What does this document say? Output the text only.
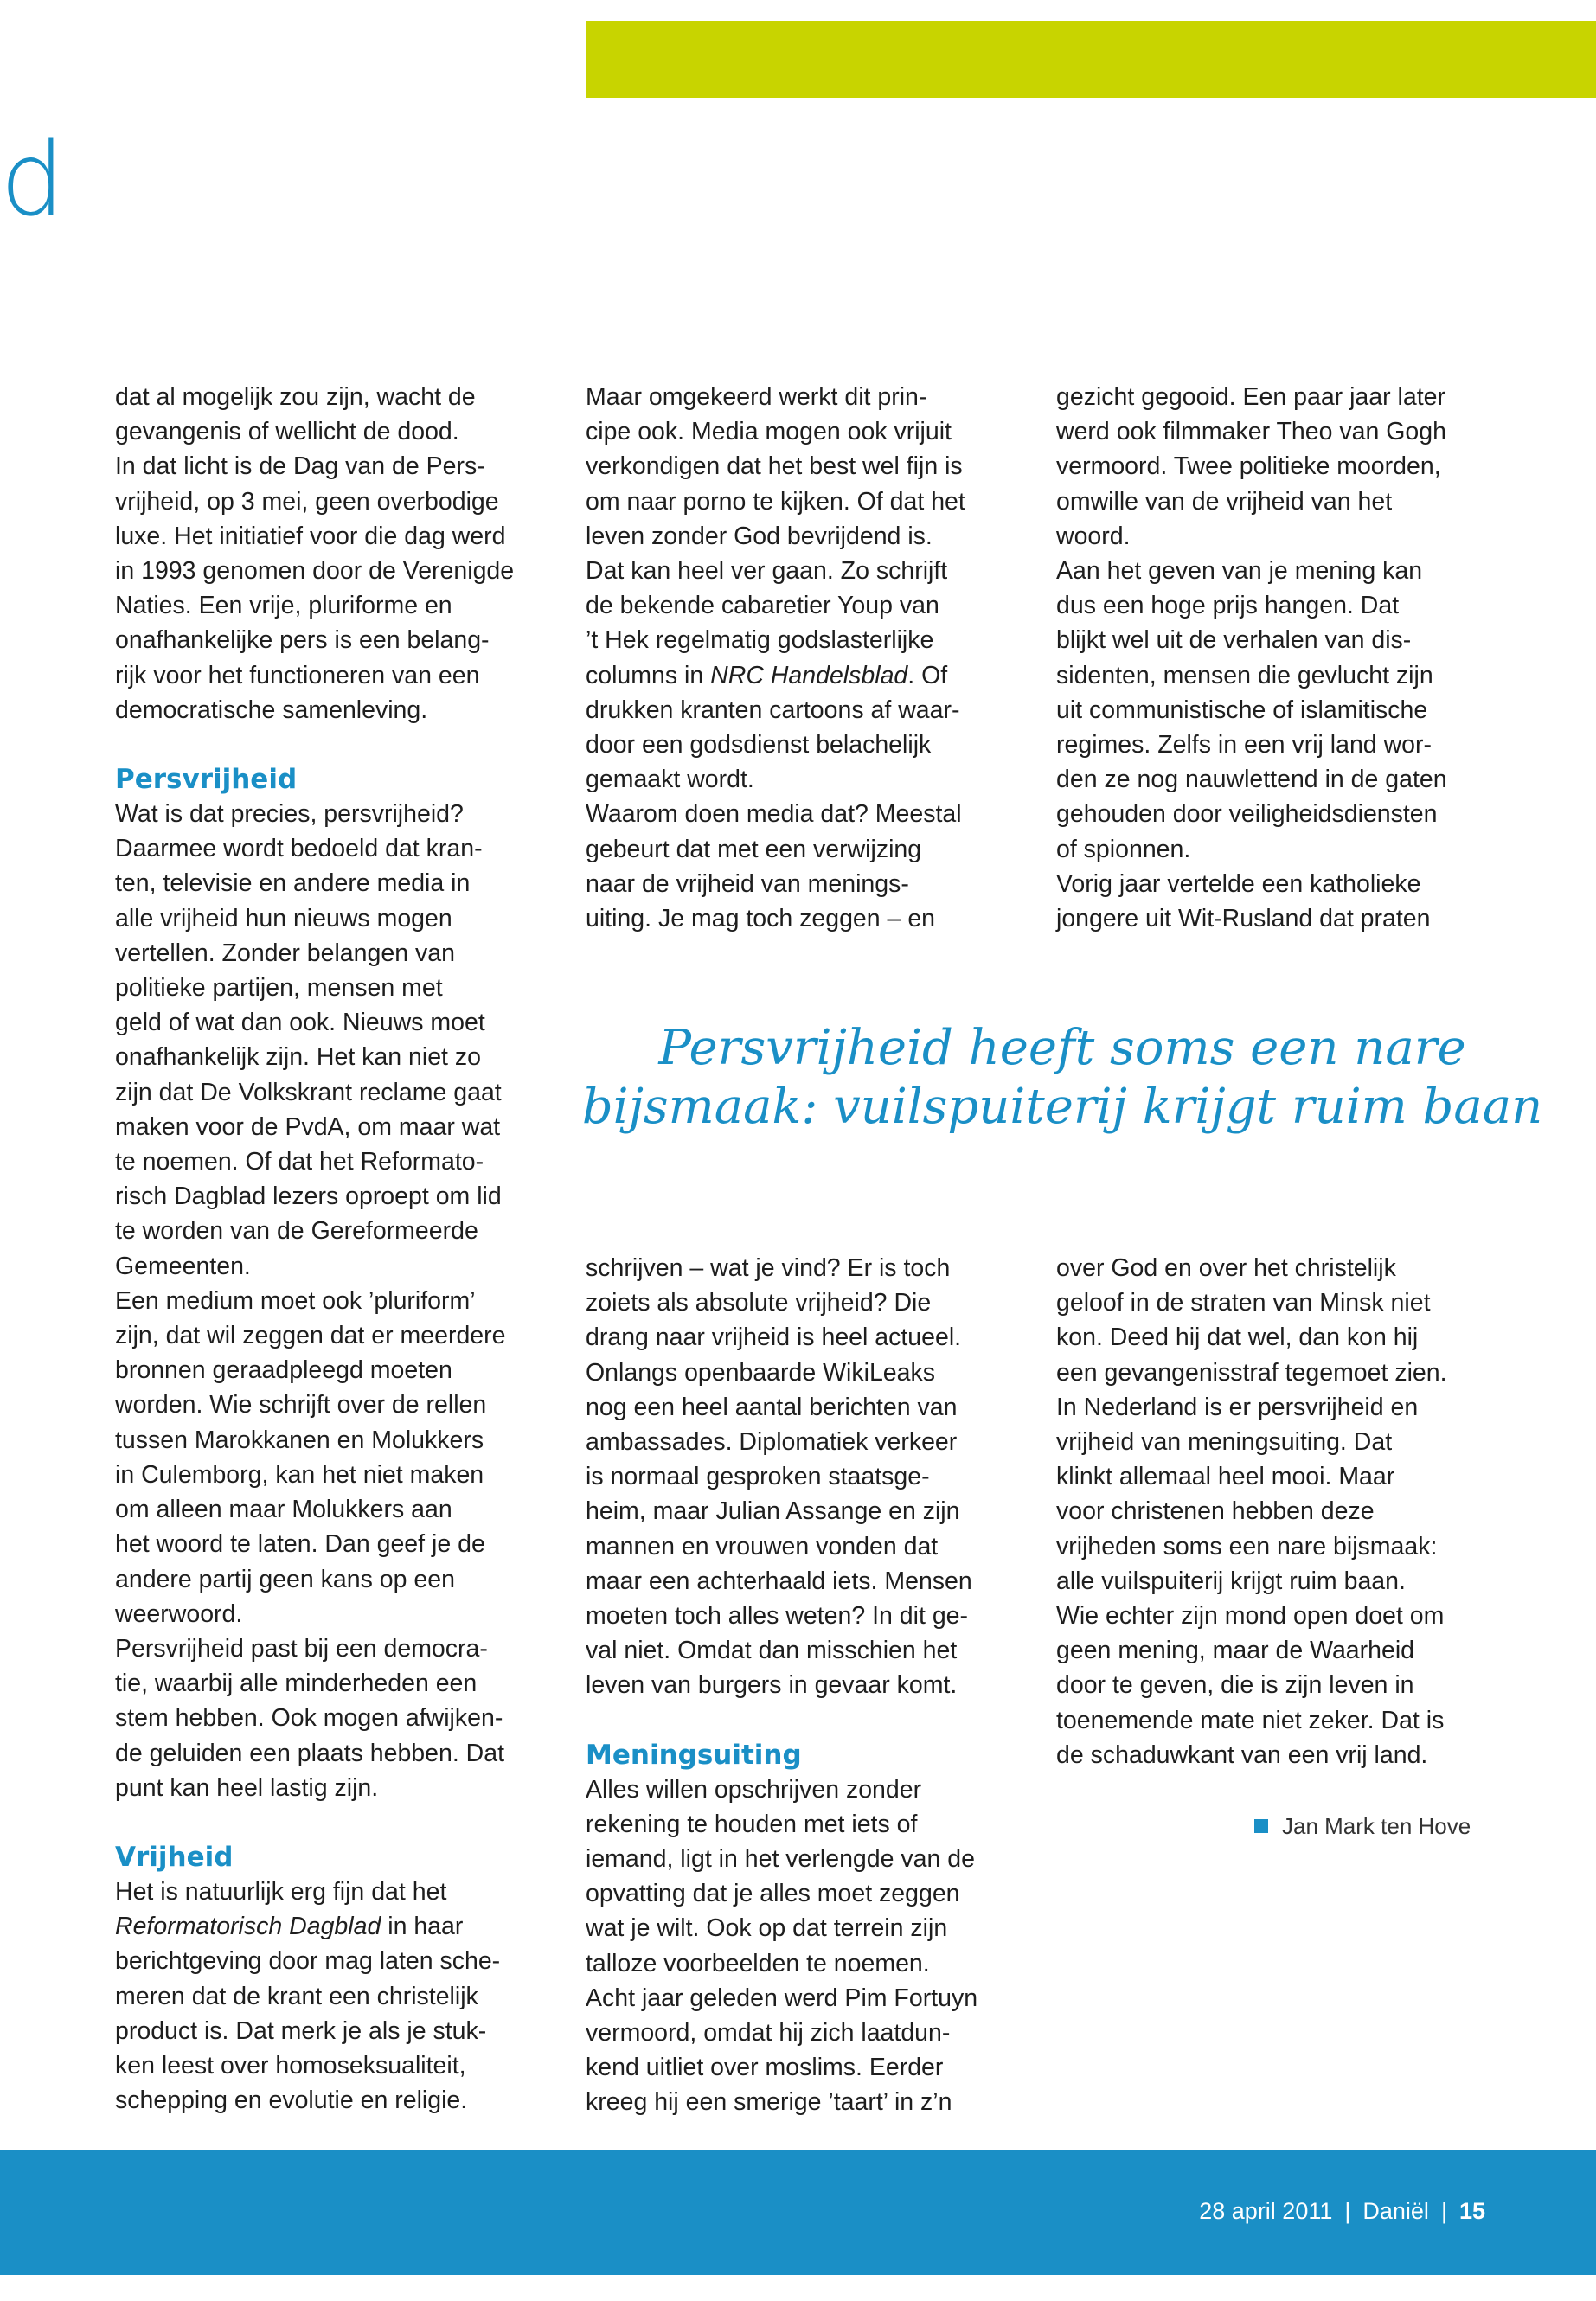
d

dat al mogelijk zou zijn, wacht de

gevangenis of wellicht de dood.

In dat licht is de Dag van de Pers-

vrijheid, op 3 mei, geen overbodige

luxe. Het initiatief voor die dag werd

in 1993 genomen door de Verenigde

Naties. Een vrije, pluriforme en

onafhankelijke pers is een belang-

rijk voor het functioneren van een

democratische samenleving.

Persvrijheid

Wat is dat precies, persvrijheid?

Daarmee wordt bedoeld dat kran-

ten, televisie en andere media in

alle vrijheid hun nieuws mogen

vertellen. Zonder belangen van

politieke partijen, mensen met

geld of wat dan ook. Nieuws moet

onafhankelijk zijn. Het kan niet zo

zijn dat De Volkskrant reclame gaat

maken voor de PvdA, om maar wat

te noemen. Of dat het Reformato-

risch Dagblad lezers oproept om lid

te worden van de Gereformeerde

Gemeenten.

Een medium moet ook ’pluriform’

zijn, dat wil zeggen dat er meerdere

bronnen geraadpleegd moeten

worden. Wie schrijft over de rellen

tussen Marokkanen en Molukkers

in Culemborg, kan het niet maken

om alleen maar Molukkers aan

het woord te laten. Dan geef je de

andere partij geen kans op een

weerwoord.

Persvrijheid past bij een democra-

tie, waarbij alle minderheden een

stem hebben. Ook mogen afwijken-

de geluiden een plaats hebben. Dat

punt kan heel lastig zijn.

Vrijheid

Het is natuurlijk erg fijn dat het

Reformatorisch Dagblad in haar

berichtgeving door mag laten sche-

meren dat de krant een christelijk

product is. Dat merk je als je stuk-

ken leest over homoseksualiteit,

schepping en evolutie en religie.

Maar omgekeerd werkt dit prin-

cipe ook. Media mogen ook vrijuit

verkondigen dat het best wel fijn is

om naar porno te kijken. Of dat het

leven zonder God bevrijdend is.

Dat kan heel ver gaan. Zo schrijft

de bekende cabaretier Youp van

’t Hek regelmatig godslasterlijke

columns in NRC Handelsblad. Of

drukken kranten cartoons af waar-

door een godsdienst belachelijk

gemaakt wordt.

Waarom doen media dat? Meestal

gebeurt dat met een verwijzing

naar de vrijheid van menings-

uiting. Je mag toch zeggen – en

gezicht gegooid. Een paar jaar later

werd ook filmmaker Theo van Gogh

vermoord. Twee politieke moorden,

omwille van de vrijheid van het

woord.

Aan het geven van je mening kan

dus een hoge prijs hangen. Dat

blijkt wel uit de verhalen van dis-

sidenten, mensen die gevlucht zijn

uit communistische of islamitische

regimes. Zelfs in een vrij land wor-

den ze nog nauwlettend in de gaten

gehouden door veiligheidsdiensten

of spionnen.

Vorig jaar vertelde een katholieke

jongere uit Wit-Rusland dat praten

Persvrijheid heeft soms een nare

bijsmaak: vuilspuiterij krijgt ruim baan

schrijven – wat je vind? Er is toch

zoiets als absolute vrijheid? Die

drang naar vrijheid is heel actueel.

Onlangs openbaarde WikiLeaks

nog een heel aantal berichten van

ambassades. Diplomatiek verkeer

is normaal gesproken staatsge-

heim, maar Julian Assange en zijn

mannen en vrouwen vonden dat

maar een achterhaald iets. Mensen

moeten toch alles weten? In dit ge-

val niet. Omdat dan misschien het

leven van burgers in gevaar komt.

Meningsuiting

Alles willen opschrijven zonder

rekening te houden met iets of

iemand, ligt in het verlengde van de

opvatting dat je alles moet zeggen

wat je wilt. Ook op dat terrein zijn

talloze voorbeelden te noemen.

Acht jaar geleden werd Pim Fortuyn

vermoord, omdat hij zich laatdun-

kend uitliet over moslims. Eerder

kreeg hij een smerige ’taart’ in z’n

over God en over het christelijk

geloof in de straten van Minsk niet

kon. Deed hij dat wel, dan kon hij

een gevangenisstraf tegemoet zien.

In Nederland is er persvrijheid en

vrijheid van meningsuiting. Dat

klinkt allemaal heel mooi. Maar

voor christenen hebben deze

vrijheden soms een nare bijsmaak:

alle vuilspuiterij krijgt ruim baan.

Wie echter zijn mond open doet om

geen mening, maar de Waarheid

door te geven, die is zijn leven in

toenemende mate niet zeker. Dat is

de schaduwkant van een vrij land.

Jan Mark ten Hove
28 april 2011 | Daniël | 15
